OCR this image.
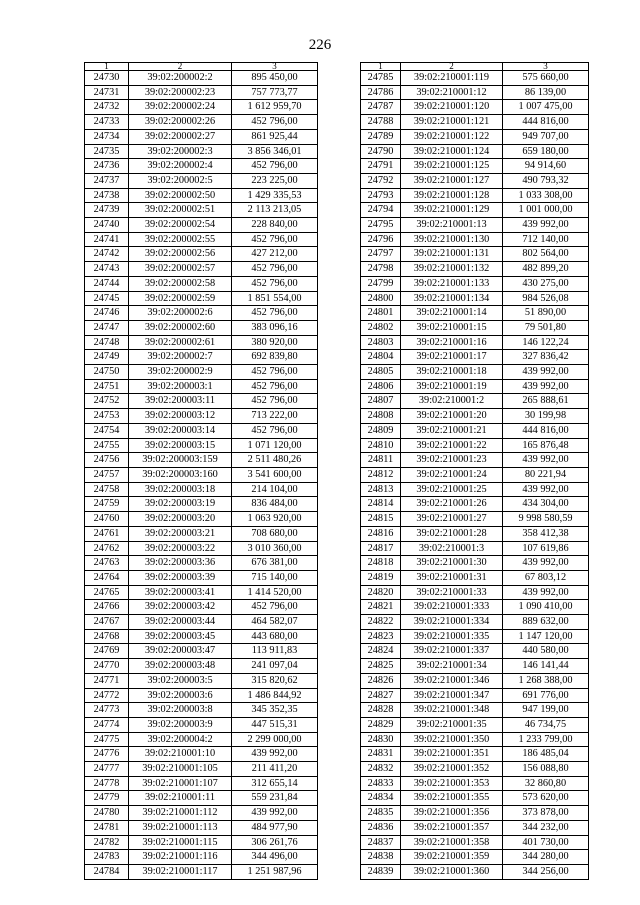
226
1	2	3
24730	39:02:200002:2	895 450,00
24731	39:02:200002:23	757 773,77
24732	39:02:200002:24	1 612 959,70
24733	39:02:200002:26	452 796,00
24734	39:02:200002:27	861 925,44
24735	39:02:200002:3	3 856 346,01
24736	39:02:200002:4	452 796,00
24737	39:02:200002:5	223 225,00
24738	39:02:200002:50	1 429 335,53
24739	39:02:200002:51	2 113 213,05
24740	39:02:200002:54	228 840,00
24741	39:02:200002:55	452 796,00
24742	39:02:200002:56	427 212,00
24743	39:02:200002:57	452 796,00
24744	39:02:200002:58	452 796,00
24745	39:02:200002:59	1 851 554,00
24746	39:02:200002:6	452 796,00
24747	39:02:200002:60	383 096,16
24748	39:02:200002:61	380 920,00
24749	39:02:200002:7	692 839,80
24750	39:02:200002:9	452 796,00
24751	39:02:200003:1	452 796,00
24752	39:02:200003:11	452 796,00
24753	39:02:200003:12	713 222,00
24754	39:02:200003:14	452 796,00
24755	39:02:200003:15	1 071 120,00
24756	39:02:200003:159	2 511 480,26
24757	39:02:200003:160	3 541 600,00
24758	39:02:200003:18	214 104,00
24759	39:02:200003:19	836 484,00
24760	39:02:200003:20	1 063 920,00
24761	39:02:200003:21	708 680,00
24762	39:02:200003:22	3 010 360,00
24763	39:02:200003:36	676 381,00
24764	39:02:200003:39	715 140,00
24765	39:02:200003:41	1 414 520,00
24766	39:02:200003:42	452 796,00
24767	39:02:200003:44	464 582,07
24768	39:02:200003:45	443 680,00
24769	39:02:200003:47	113 911,83
24770	39:02:200003:48	241 097,04
24771	39:02:200003:5	315 820,62
24772	39:02:200003:6	1 486 844,92
24773	39:02:200003:8	345 352,35
24774	39:02:200003:9	447 515,31
24775	39:02:200004:2	2 299 000,00
24776	39:02:210001:10	439 992,00
24777	39:02:210001:105	211 411,20
24778	39:02:210001:107	312 655,14
24779	39:02:210001:11	559 231,84
24780	39:02:210001:112	439 992,00
24781	39:02:210001:113	484 977,90
24782	39:02:210001:115	306 261,76
24783	39:02:210001:116	344 496,00
24784	39:02:210001:117	1 251 987,96
1	2	3
24785	39:02:210001:119	575 660,00
24786	39:02:210001:12	86 139,00
24787	39:02:210001:120	1 007 475,00
24788	39:02:210001:121	444 816,00
24789	39:02:210001:122	949 707,00
24790	39:02:210001:124	659 180,00
24791	39:02:210001:125	94 914,60
24792	39:02:210001:127	490 793,32
24793	39:02:210001:128	1 033 308,00
24794	39:02:210001:129	1 001 000,00
24795	39:02:210001:13	439 992,00
24796	39:02:210001:130	712 140,00
24797	39:02:210001:131	802 564,00
24798	39:02:210001:132	482 899,20
24799	39:02:210001:133	430 275,00
24800	39:02:210001:134	984 526,08
24801	39:02:210001:14	51 890,00
24802	39:02:210001:15	79 501,80
24803	39:02:210001:16	146 122,24
24804	39:02:210001:17	327 836,42
24805	39:02:210001:18	439 992,00
24806	39:02:210001:19	439 992,00
24807	39:02:210001:2	265 888,61
24808	39:02:210001:20	30 199,98
24809	39:02:210001:21	444 816,00
24810	39:02:210001:22	165 876,48
24811	39:02:210001:23	439 992,00
24812	39:02:210001:24	80 221,94
24813	39:02:210001:25	439 992,00
24814	39:02:210001:26	434 304,00
24815	39:02:210001:27	9 998 580,59
24816	39:02:210001:28	358 412,38
24817	39:02:210001:3	107 619,86
24818	39:02:210001:30	439 992,00
24819	39:02:210001:31	67 803,12
24820	39:02:210001:33	439 992,00
24821	39:02:210001:333	1 090 410,00
24822	39:02:210001:334	889 632,00
24823	39:02:210001:335	1 147 120,00
24824	39:02:210001:337	440 580,00
24825	39:02:210001:34	146 141,44
24826	39:02:210001:346	1 268 388,00
24827	39:02:210001:347	691 776,00
24828	39:02:210001:348	947 199,00
24829	39:02:210001:35	46 734,75
24830	39:02:210001:350	1 233 799,00
24831	39:02:210001:351	186 485,04
24832	39:02:210001:352	156 088,80
24833	39:02:210001:353	32 860,80
24834	39:02:210001:355	573 620,00
24835	39:02:210001:356	373 878,00
24836	39:02:210001:357	344 232,00
24837	39:02:210001:358	401 730,00
24838	39:02:210001:359	344 280,00
24839	39:02:210001:360	344 256,00
